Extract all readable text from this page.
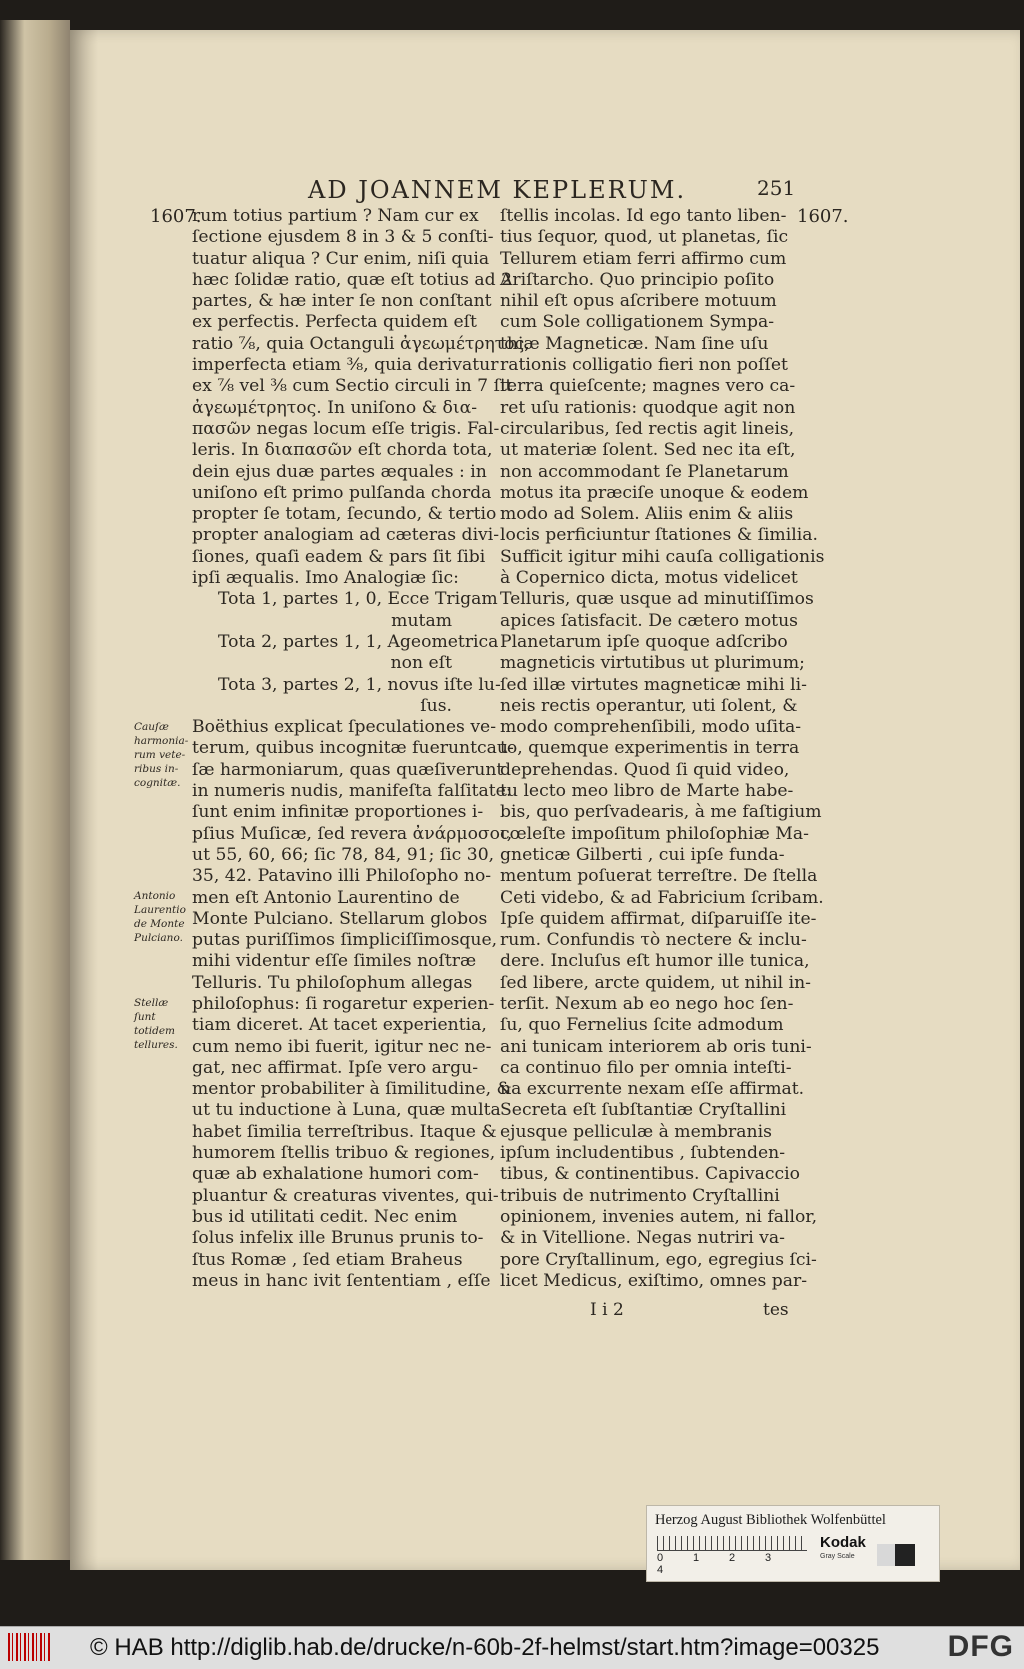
AD JOANNEM KEPLERUM.	251
1607.	1607.
rum totius partium ? Nam cur ex
ſectione ejusdem 8 in 3 & 5 conſti-
tuatur aliqua ? Cur enim, niſi quia
hæc ſolidæ ratio, quæ eſt totius ad 2
partes, & hæ inter ſe non conſtant
ex perfectis. Perfecta quidem eſt
ratio ⅞, quia Octanguli ἀγεωμέτρητος,
imperfecta etiam ⅜, quia derivatur
ex ⅞ vel ⅜ cum Sectio circuli in 7 ſit
ἀγεωμέτρητος. In uniſono & δια-
πασῶν negas locum eſſe trigis. Fal-
leris. In διαπασῶν eſt chorda tota,
dein ejus duæ partes æquales : in
uniſono eſt primo pulſanda chorda
propter ſe totam, ſecundo, & tertio
propter analogiam ad cæteras divi-
ſiones, quaſi eadem & pars ſit ſibi
ipſi æqualis. Imo Analogiæ ſic:
Tota 1, partes 1, 0, Ecce Trigam
mutam
Tota 2, partes 1, 1, Ageometrica
non eſt
Tota 3, partes 2, 1, novus iſte lu-
ſus.
Boëthius explicat ſpeculationes ve-
terum, quibus incognitæ fueruntcau-
ſæ harmoniarum, quas quæſiverunt
in numeris nudis, manifeſta falſitate:
ſunt enim infinitæ proportiones i-
pſius Muſicæ, ſed revera ἀνάρμοσοι,
ut 55, 60, 66; ſic 78, 84, 91; ſic 30,
35, 42. Patavino illi Philoſopho no-
men eſt Antonio Laurentino de
Monte Pulciano. Stellarum globos
putas puriſſimos ſimpliciſſimosque,
mihi videntur eſſe ſimiles noſtræ
Telluris. Tu philoſophum allegas
philoſophus: ſi rogaretur experien-
tiam diceret. At tacet experientia,
cum nemo ibi fuerit, igitur nec ne-
gat, nec affirmat. Ipſe vero argu-
mentor probabiliter à ſimilitudine, &
ut tu inductione à Luna, quæ multa
habet ſimilia terreſtribus. Itaque &
humorem ſtellis tribuo & regiones,
quæ ab exhalatione humori com-
pluantur & creaturas viventes, qui-
bus id utilitati cedit. Nec enim
ſolus infelix ille Brunus prunis to-
ſtus Romæ , ſed etiam Braheus
meus in hanc ivit ſententiam , eſſe
ſtellis incolas. Id ego tanto liben-
tius ſequor, quod, ut planetas, ſic
Tellurem etiam ferri affirmo cum
Ariſtarcho. Quo principio poſito
nihil eſt opus aſcribere motuum
cum Sole colligationem Sympa-
thiæ Magneticæ. Nam ſine uſu
rationis colligatio fieri non poſſet
terra quieſcente; magnes vero ca-
ret uſu rationis: quodque agit non
circularibus, ſed rectis agit lineis,
ut materiæ ſolent. Sed nec ita eſt,
non accommodant ſe Planetarum
motus ita præciſe unoque & eodem
modo ad Solem. Aliis enim & aliis
locis perficiuntur ſtationes & ſimilia.
Sufficit igitur mihi cauſa colligationis
à Copernico dicta, motus videlicet
Telluris, quæ usque ad minutiſſimos
apices ſatisfacit. De cætero motus
Planetarum ipſe quoque adſcribo
magneticis virtutibus ut plurimum;
ſed illæ virtutes magneticæ mihi li-
neis rectis operantur, uti ſolent, &
modo comprehenſibili, modo uſita-
to, quemque experimentis in terra
deprehendas. Quod ſi quid video,
tu lecto meo libro de Marte habe-
bis, quo perſvadearis, à me faſtigium
cœleſte impoſitum philoſophiæ Ma-
gneticæ Gilberti , cui ipſe funda-
mentum poſuerat terreſtre. De ſtella
Ceti videbo, & ad Fabricium ſcribam.
Ipſe quidem affirmat, diſparuiſſe ite-
rum. Confundis τὸ nectere & inclu-
dere. Incluſus eſt humor ille tunica,
ſed libere, arcte quidem, ut nihil in-
terſit. Nexum ab eo nego hoc ſen-
ſu, quo Fernelius ſcite admodum
ani tunicam interiorem ab oris tuni-
ca continuo filo per omnia inteſti-
na excurrente nexam eſſe affirmat.
Secreta eſt ſubſtantiæ Cryſtallini
ejusque pelliculæ à membranis
ipſum includentibus , ſubtenden-
tibus, & continentibus. Capivaccio
tribuis de nutrimento Cryſtallini
opinionem, invenies autem, ni fallor,
& in Vitellione. Negas nutriri va-
pore Cryſtallinum, ego, egregius ſci-
licet Medicus, exiſtimo, omnes par-
Cauſæ
harmonia-
rum vete-
ribus in-
cognitæ.
Antonio
Laurentio
de Monte
Pulciano.
Stellæ ſunt
totidem
tellures.
I i 2	tes
Herzog August Bibliothek Wolfenbüttel
0	1	2	34
Kodak
Gray Scale
© HAB http://diglib.hab.de/drucke/n-60b-2f-helmst/start.htm?image=00325 DFG
